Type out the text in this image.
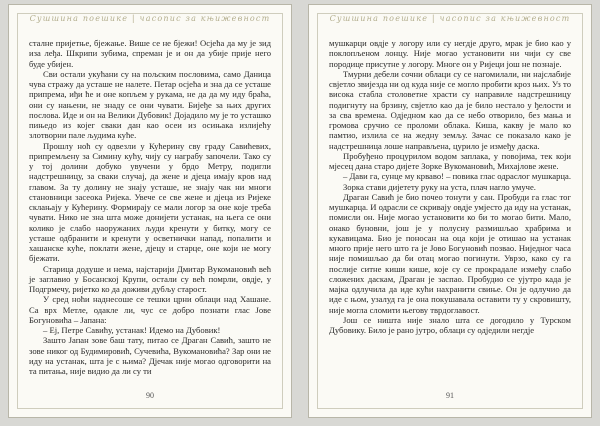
Сушшина поешике | часопис за књижевност

сталне пријетње, бјежање. Више се не бјежи! Осјећа да му је зид иза леђа. Шкрипи зубима, спреман је и он да убије прије него буде убијен.

Сви остали укућани су на пољским пословима, само Даница чува стражу да усташе не налете. Петар осјећа и зна да се усташе припрема, иђи ће и оне копљем у рукама, не да да му иду браћа, они су нањени, не знаду се они чувати. Бијеђе за њих других послова. Иде и он на Велики Дубовик! Дојадило му је то усташко пињедо из којег сваки дан као осеи из осињака излијећу злотворни пале људима куће.

Прошлу ноћ су одвезли у Кућерину сву граду Савићевих, припремљену за Симину кућу, чију су награбу започели. Тако су у тој долини добуко увучени у брдо Метру, подигли надстрешницу, за сваки случај, да жене и дјеца имају кров над главом. За ту долину не знају усташе, не знају чак ни многи становници засеока Ријека. Увече се све жене и дјеца из Ријеке склањају у Кућерину. Формирају се мали логор за оне које треба чувати. Нико не зна шта може донијети устанак, на њега се они колико је слабо наоружаних људи кренути у битку, могу се усташе одбранити и кренути у осветнички напад, попалити и хашанске куће, поклати жене, дјецу и старце, оне који не могу бјежати.

Старица додуше и нема, најстарији Дмитар Вукомановић већ је заглавио у Босанској Крупи, остали су већ помрли, овдје, у Подгрмечу, ријетко ко да доживи дубљу старост.

У сред ноћи наднесоше се тешки црни облаци над Хашане. Са врх Метле, одакле ли, чус се добро познати глас Јове Богуновића – Јапана:

– Еј, Петре Савићу, устанак! Идемо на Дубовик!

Заштo Јапан зове баш тату, питао се Драган Савић, зашто не зове никог од Будимировић, Сучевића, Вукомановића? Зар они не иду на устанак, шта је с њима? Дјечак није могао одговорити на та питања, није видио да ли су ти

90
Сушшина поешике | часопис за књижевност

мушкарци овдје у логору или су негдје друго, мрак је био као у поклопљеном лонцу. Није могао установити ни чији су све породице присутне у логору. Многе он у Ријеци још не познаје.

Тмурни дебели сочни облаци су се нагомилали, ни најслабије свјетло звијезда ни од куда није се могло пробити кроз њих. Уз то висока стабла столоветне храсти су направиле надстрешницу подигнуту на брзину, свјетло као да је било нестало у ђелости и за сва времена. Одједном као да се небо отворило, без мања и громова сручио се проломи облака. Киша, какву је мало ко памтио, излила се на жедну земљу. Зачас се показало како је надстрешница лоше направљена, цурило је између даска.

Пробуђено процурилом водом заплака, у повојима, тек који мјесец дана старо дијете Зорке Вукомановић, Михајлове жене.

– Дави га, сунце му крваво! – повика глас одраслог мушкарца.

Зорка стави дијетету руку на уста, плач нагло умуче.

Драган Савић је био почео тонути у сан. Пробуди га глас тог мушкарца. И одрасли се скривају овдје умјесто да иду на устанак, помисли он. Није могао установити ко би то могао бити. Мало, онако буновни, још је у полусну размишљао храбрима и кукавицама. Био је поносан на оца који је отишао на устанак много прије него што га је Јово Богуновић позвао. Ниједног часа није помишљао да би отац могао погинути. Уврзо, како су га послије ситне киши кише, које су се прокрадале између слабо сложених даскам, Драган је заспао. Пробудио се ујутро када је мајка одлучила да иде кући нахранити свиње. Он је одлучио да иде с њом, узалуд га је она покушавала оставити ту у скровишту, није могла сломити његову тврдоглавост.

Још се ништа није знало шта се догодило у Турском Дубовику. Било је рано јутро, облаци су одједили негдје

91
